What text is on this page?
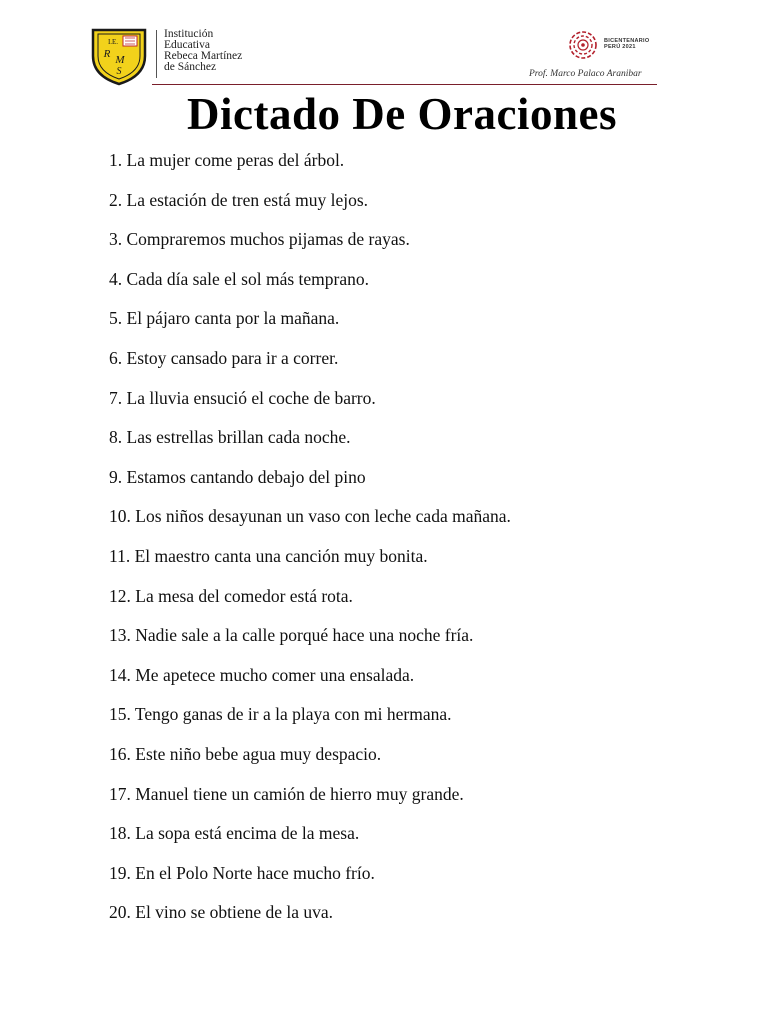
I.E.
R M
S
Institución
Educativa
Rebeca Martínez
de Sánchez
BICENTENARIO
PERÚ 2021
Prof. Marco Palaco Aranibar
Dictado De Oraciones
1. La mujer come peras del árbol.
2. La estación de tren está muy lejos.
3. Compraremos muchos pijamas de rayas.
4. Cada día sale el sol más temprano.
5. El pájaro canta por la mañana.
6. Estoy cansado para ir a correr.
7. La lluvia ensució el coche de barro.
8. Las estrellas brillan cada noche.
9. Estamos cantando debajo del pino
10. Los niños desayunan un vaso con leche cada mañana.
11. El maestro canta una canción muy bonita.
12. La mesa del comedor está rota.
13. Nadie sale a la calle porqué hace una noche fría.
14. Me apetece mucho comer una ensalada.
15. Tengo ganas de ir a la playa con mi hermana.
16. Este niño bebe agua muy despacio.
17. Manuel tiene un camión de hierro muy grande.
18. La sopa está encima de la mesa.
19. En el Polo Norte hace mucho frío.
20. El vino se obtiene de la uva.
